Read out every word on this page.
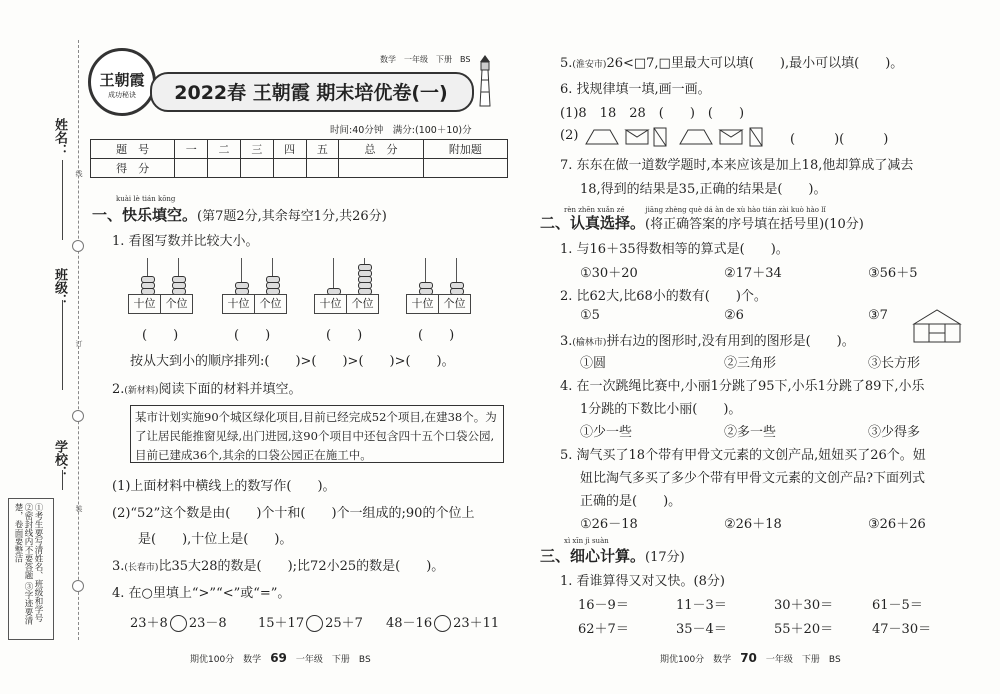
姓名：
班级：
学校：
线
订
装
①考生要写清姓名、班级和学号 ②密封线内不要答题 ③字迹要清楚，卷面要整洁
王朝霞
成功秘诀	2022春 王朝霞 期末培优卷(一)
数学　一年级　下册　BS
时间:40分钟　满分:(100＋10)分
题　号	一	二	三	四	五	总　分	附加题
得　分							
kuài lè tián kōng
一、快乐填空。(第7题2分,其余每空1分,共26分)
1. 看图写数并比较大小。
十位 个位	十位 个位	十位 个位	十位 个位
(　　)	(　　)	(　　)	(　　)
按从大到小的顺序排列:(　　)>(　　)>(　　)>(　　)。
2.(新材料)阅读下面的材料并填空。
某市计划实施90个城区绿化项目,目前已经完成52个项目,在建38个。为了让居民能推窗见绿,出门进园,这90个项目中还包含四十五个口袋公园,目前已建成36个,其余的口袋公园正在施工中。
(1)上面材料中横线上的数写作(　　)。
(2)“52”这个数是由(　　)个十和(　　)个一组成的;90的个位上
是(　　),十位上是(　　)。
3.(长春市)比35大28的数是(　　);比72小25的数是(　　)。
4. 在○里填上“>”“<”或“=”。
23＋8 23－8 15＋17 25＋7 48－16 23＋11
期优100分　数学　 69　 一年级　下册　BS
5.(淮安市)26<□7,□里最大可以填(　　),最小可以填(　　)。
6. 找规律填一填,画一画。
(1)8　18　28　(　　)　(　　)
(2)	(　　　)(　　　)
7. 东东在做一道数学题时,本来应该是加上18,他却算成了减去
18,得到的结果是35,正确的结果是(　　)。
rèn zhēn xuǎn zé　　　jiāng zhèng què dá àn de xù hào tián zài kuò hào lǐ
二、认真选择。(将正确答案的序号填在括号里)(10分)
1. 与16＋35得数相等的算式是(　　)。
①30＋20	②17＋34	③56＋5
2. 比62大,比68小的数有(　　)个。
①5	②6	③7
3.(榆林市)拼右边的图形时,没有用到的图形是(　　)。
①圆	②三角形	③长方形
4. 在一次跳绳比赛中,小丽1分跳了95下,小乐1分跳了89下,小乐
1分跳的下数比小丽(　　)。
①少一些	②多一些	③少得多
5. 淘气买了18个带有甲骨文元素的文创产品,妞妞买了26个。妞
妞比淘气多买了多少个带有甲骨文元素的文创产品?下面列式
正确的是(　　)。
①26－18	②26＋18	③26＋26
xì xīn jì suàn
三、细心计算。(17分)
1. 看谁算得又对又快。(8分)
16－9＝	11－3＝	30＋30＝	61－5＝
62＋7＝	35－4＝	55＋20＝	47－30＝
期优100分　数学　 70　 一年级　下册　BS
